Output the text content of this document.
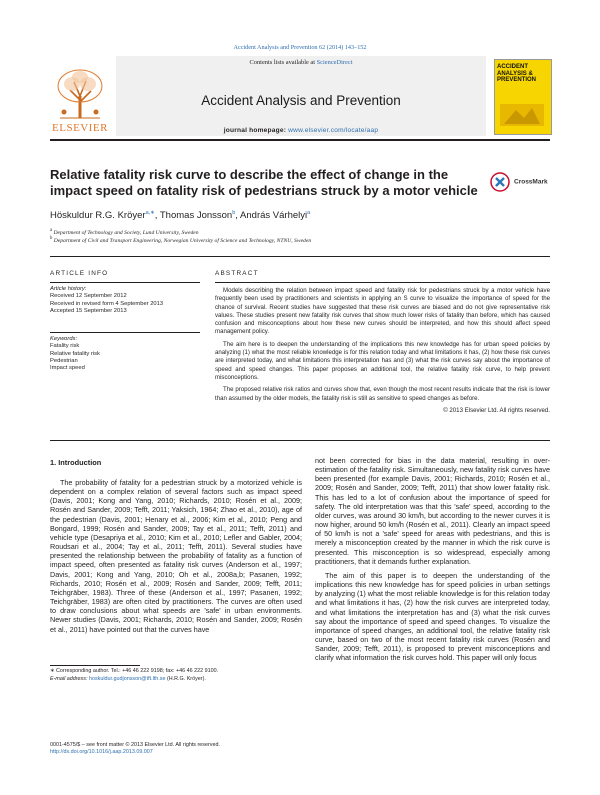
Accident Analysis and Prevention 62 (2014) 143–152
ELSEVIER
Contents lists available at ScienceDirect
Accident Analysis and Prevention
journal homepage: www.elsevier.com/locate/aap
ACCIDENT ANALYSIS & PREVENTION
Relative fatality risk curve to describe the effect of change in the impact speed on fatality risk of pedestrians struck by a motor vehicle
CrossMark
Höskuldur R.G. Kröyer$^{a,∗}$, Thomas Jonsson$^b$, András Várhelyi$^a$
$^a$ Department of Technology and Society, Lund University, Sweden
$^b$ Department of Civil and Transport Engineering, Norwegian University of Science and Technology, NTNU, Sweden
ARTICLE INFO
Article history:
Received 12 September 2012
Received in revised form 4 September 2013
Accepted 15 September 2013
Keywords:
Fatality risk
Relative fatality risk
Pedestrian
Impact speed
ABSTRACT

Models describing the relation between impact speed and fatality risk for pedestrians struck by a motor vehicle have frequently been used by practitioners and scientists in applying an S curve to visualize the importance of speed for the chance of survival. Recent studies have suggested that these risk curves are biased and do not give representative risk values. These studies present new fatality risk curves that show much lower risks of fatality than before, which has caused confusion and misconceptions about how these new curves should be interpreted, and how this should affect speed management policy.

The aim here is to deepen the understanding of the implications this new knowledge has for urban speed policies by analyzing (1) what the most reliable knowledge is for this relation today and what limitations it has, (2) how these risk curves are interpreted today, and what limitations this interpretation has and (3) what the risk curves say about the importance of speed and speed changes. This paper proposes an additional tool, the relative fatality risk curve, to help prevent misconceptions.

The proposed relative risk ratios and curves show that, even though the most recent results indicate that the risk is lower than assumed by the older models, the fatality risk is still as sensitive to speed changes as before.

© 2013 Elsevier Ltd. All rights reserved.

1. Introduction

The probability of fatality for a pedestrian struck by a motorized vehicle is dependent on a complex relation of several factors such as impact speed (Davis, 2001; Kong and Yang, 2010; Richards, 2010; Rosén et al., 2009; Rosén and Sander, 2009; Tefft, 2011; Yaksich, 1964; Zhao et al., 2010), age of the pedestrian (Davis, 2001; Henary et al., 2006; Kim et al., 2010; Peng and Bongard, 1999; Rosén and Sander, 2009; Tay et al., 2011; Tefft, 2011) and vehicle type (Desapriya et al., 2010; Kim et al., 2010; Lefler and Gabler, 2004; Roudsari et al., 2004; Tay et al., 2011; Tefft, 2011). Several studies have presented the relationship between the probability of fatality as a function of impact speed, often presented as fatality risk curves (Anderson et al., 1997; Davis, 2001; Kong and Yang, 2010; Oh et al., 2008a,b; Pasanen, 1992; Richards, 2010; Rosén et al., 2009; Rosén and Sander, 2009; Tefft, 2011; Teichgräber, 1983). Three of these (Anderson et al., 1997; Pasanen, 1992; Teichgräber, 1983) are often cited by practitioners. The curves are often used to draw conclusions about what speeds are 'safe' in urban environments. Newer studies (Davis, 2001; Richards, 2010; Rosén and Sander, 2009; Rosén et al., 2011) have pointed out that the curves have

not been corrected for bias in the data material, resulting in over-estimation of the fatality risk. Simultaneously, new fatality risk curves have been presented (for example Davis, 2001; Richards, 2010; Rosén et al., 2009; Rosén and Sander, 2009; Tefft, 2011) that show lower fatality risk. This has led to a lot of confusion about the importance of speed for safety. The old interpretation was that this 'safe' speed, according to the older curves, was around 30 km/h, but according to the newer curves it is now higher, around 50 km/h (Rosén et al., 2011). Clearly an impact speed of 50 km/h is not a 'safe' speed for areas with pedestrians, and this is merely a misconception created by the manner in which the risk curve is presented. This misconception is so widespread, especially among practitioners, that it demands further explanation.

The aim of this paper is to deepen the understanding of the implications this new knowledge has for speed policies in urban settings by analyzing (1) what the most reliable knowledge is for this relation today and what limitations it has, (2) how the risk curves are interpreted today, and what limitations the interpretation has and (3) what the risk curves say about the importance of speed and speed changes. To visualize the importance of speed changes, an additional tool, the relative fatality risk curve, based on two of the most recent fatality risk curves (Rosén and Sander, 2009; Tefft, 2011), is proposed to prevent misconceptions and clarify what information the risk curves hold. This paper will only focus

∗ Corresponding author. Tel.: +46 46 222 9198; fax: +46 46 222 9100.
E-mail address: hoskuldur.gudjonsson@tft.lth.se (H.R.G. Kröyer).
0001-4575/$ – see front matter © 2013 Elsevier Ltd. All rights reserved.
http://dx.doi.org/10.1016/j.aap.2013.09.007
